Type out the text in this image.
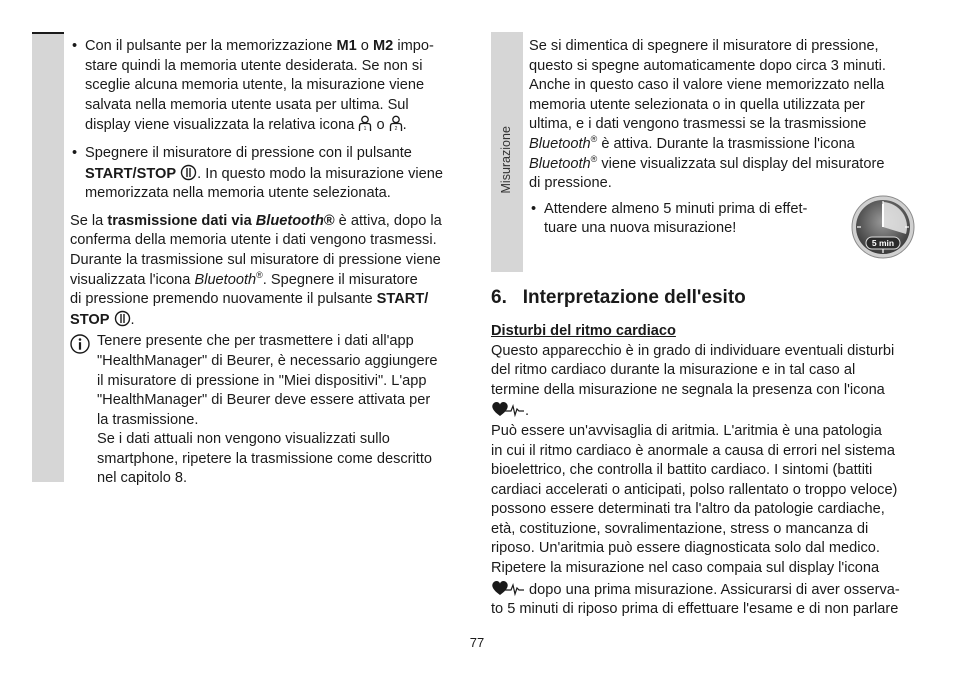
Misurazione

• Con il pulsante per la memorizzazione M1 o M2 impo-

stare quindi la memoria utente desiderata. Se non si

sceglie alcuna memoria utente, la misurazione viene

salvata nella memoria utente usata per ultima. Sul

display viene visualizzata la relativa icona 1 o 2 .

• Spegnere il misuratore di pressione con il pulsante

START/STOP . In questo modo la misurazione viene

memorizzata nella memoria utente selezionata.

Se la trasmissione dati via Bluetooth® è attiva, dopo la

conferma della memoria utente i dati vengono trasmessi.

Durante la trasmissione sul misuratore di pressione viene

visualizzata l'icona Bluetooth®. Spegnere il misuratore

di pressione premendo nuovamente il pulsante START/

STOP .

Tenere presente che per trasmettere i dati all'app

"HealthManager" di Beurer, è necessario aggiungere

il misuratore di pressione in "Miei dispositivi". L'app

"HealthManager" di Beurer deve essere attivata per

la trasmissione.

Se i dati attuali non vengono visualizzati sullo

smartphone, ripetere la trasmissione come descritto

nel capitolo 8.

Se si dimentica di spegnere il misuratore di pressione,

questo si spegne automaticamente dopo circa 3 minuti.

Anche in questo caso il valore viene memorizzato nella

memoria utente selezionata o in quella utilizzata per

ultima, e i dati vengono trasmessi se la trasmissione

Bluetooth® è attiva. Durante la trasmissione l'icona

Bluetooth® viene visualizzata sul display del misuratore

di pressione.

• Attendere almeno 5 minuti prima di effet-

tuare una nuova misurazione!

6. Interpretazione dell'esito

Disturbi del ritmo cardiaco

Questo apparecchio è in grado di individuare eventuali disturbi

del ritmo cardiaco durante la misurazione e in tal caso al

termine della misurazione ne segnala la presenza con l'icona

.

Può essere un'avvisaglia di aritmia. L'aritmia è una patologia

in cui il ritmo cardiaco è anormale a causa di errori nel sistema

bioelettrico, che controlla il battito cardiaco. I sintomi (battiti

cardiaci accelerati o anticipati, polso rallentato o troppo veloce)

possono essere determinati tra l'altro da patologie cardiache,

età, costituzione, sovralimentazione, stress o mancanza di

riposo. Un'aritmia può essere diagnosticata solo dal medico.

Ripetere la misurazione nel caso compaia sul display l'icona

dopo una prima misurazione. Assicurarsi di aver osserva-

to 5 minuti di riposo prima di effettuare l'esame e di non parlare

5 min
77
